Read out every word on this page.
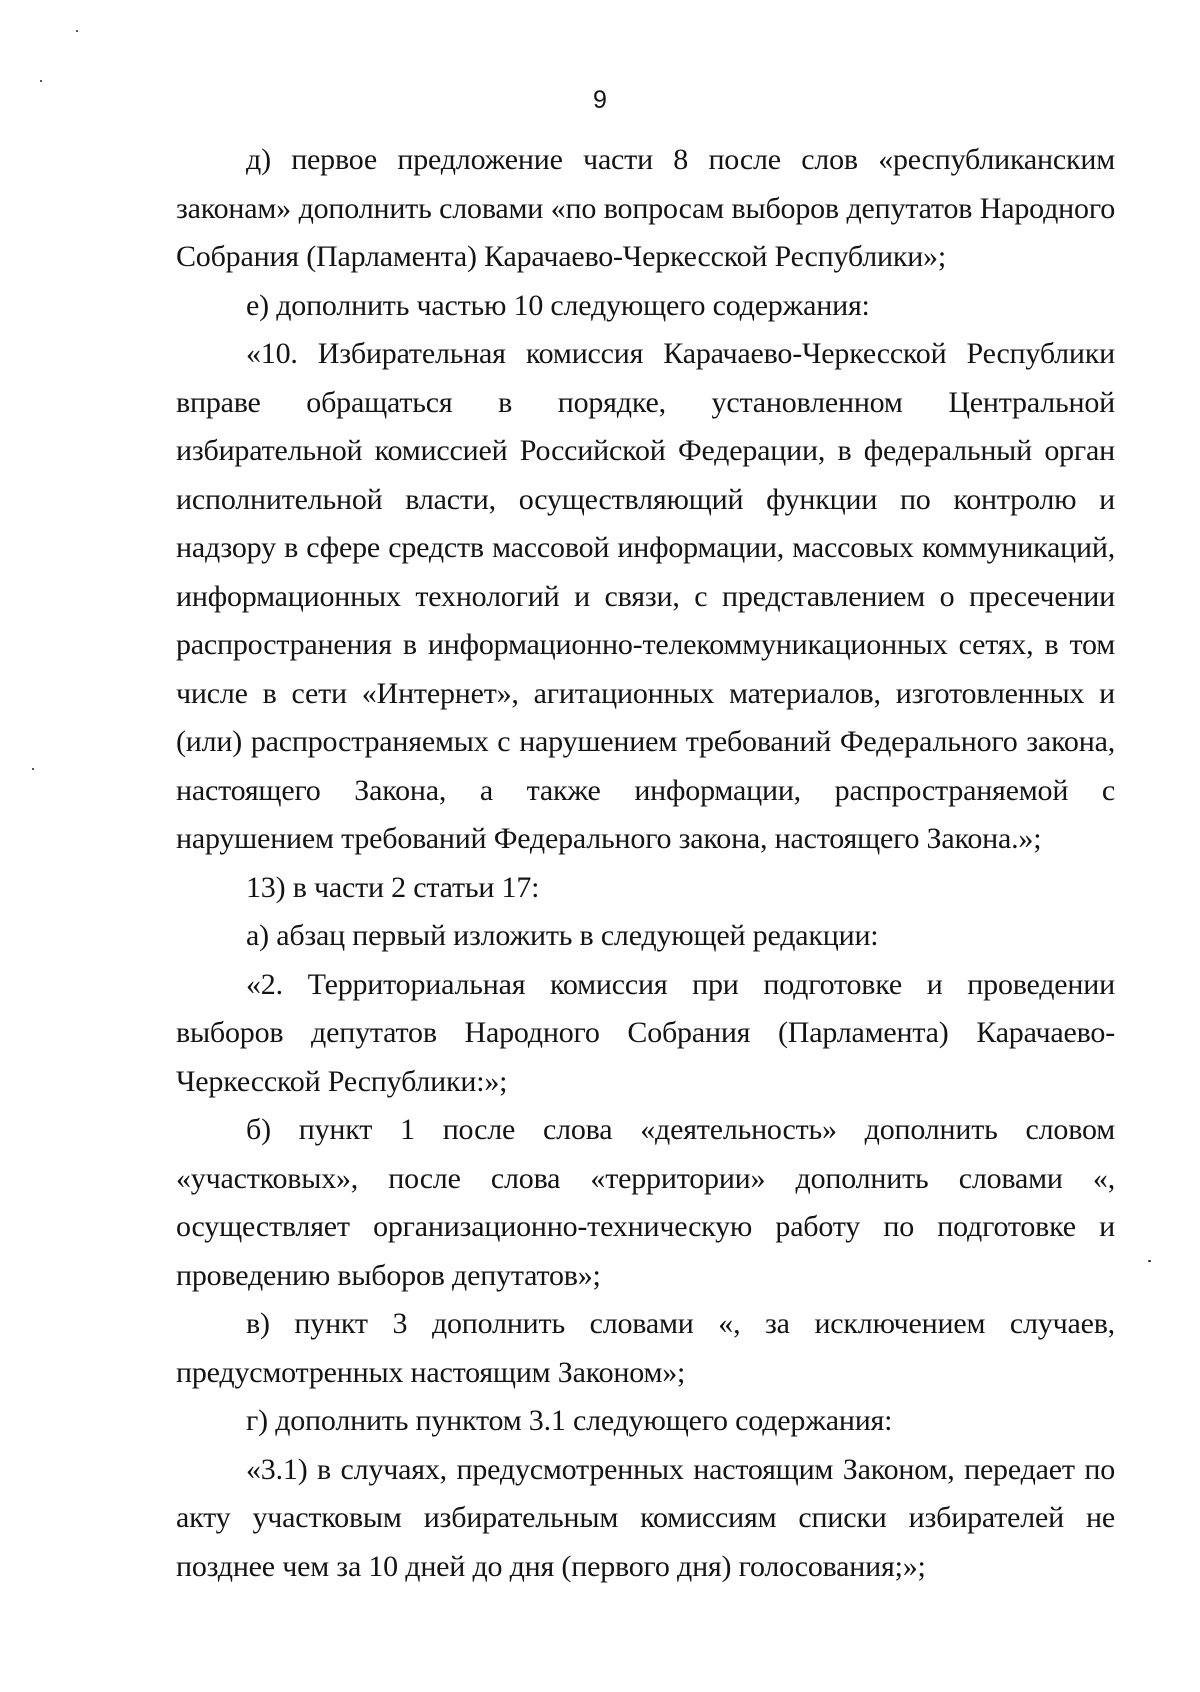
9

д) первое предложение части 8 после слов «республиканским законам» дополнить словами «по вопросам выборов депутатов Народного Собрания (Парламента) Карачаево-Черкесской Республики»;

е) дополнить частью 10 следующего содержания:

«10. Избирательная комиссия Карачаево-Черкесской Республики вправе обращаться в порядке, установленном Центральной избирательной комиссией Российской Федерации, в федеральный орган исполнительной власти, осуществляющий функции по контролю и надзору в сфере средств массовой информации, массовых коммуникаций, информационных технологий и связи, с представлением о пресечении распространения в информационно-телекоммуникационных сетях, в том числе в сети «Интернет», агитационных материалов, изготовленных и (или) распространяемых с нарушением требований Федерального закона, настоящего Закона, а также информации, распространяемой с нарушением требований Федерального закона, настоящего Закона.»;

13) в части 2 статьи 17:

а) абзац первый изложить в следующей редакции:

«2. Территориальная комиссия при подготовке и проведении выборов депутатов Народного Собрания (Парламента) Карачаево-Черкесской Республики:»;

б) пункт 1 после слова «деятельность» дополнить словом «участковых», после слова «территории» дополнить словами «, осуществляет организационно-техническую работу по подготовке и проведению выборов депутатов»;

в) пункт 3 дополнить словами «, за исключением случаев, предусмотренных настоящим Законом»;

г) дополнить пунктом 3.1 следующего содержания:

«3.1) в случаях, предусмотренных настоящим Законом, передает по акту участковым избирательным комиссиям списки избирателей не позднее чем за 10 дней до дня (первого дня) голосования;»;
